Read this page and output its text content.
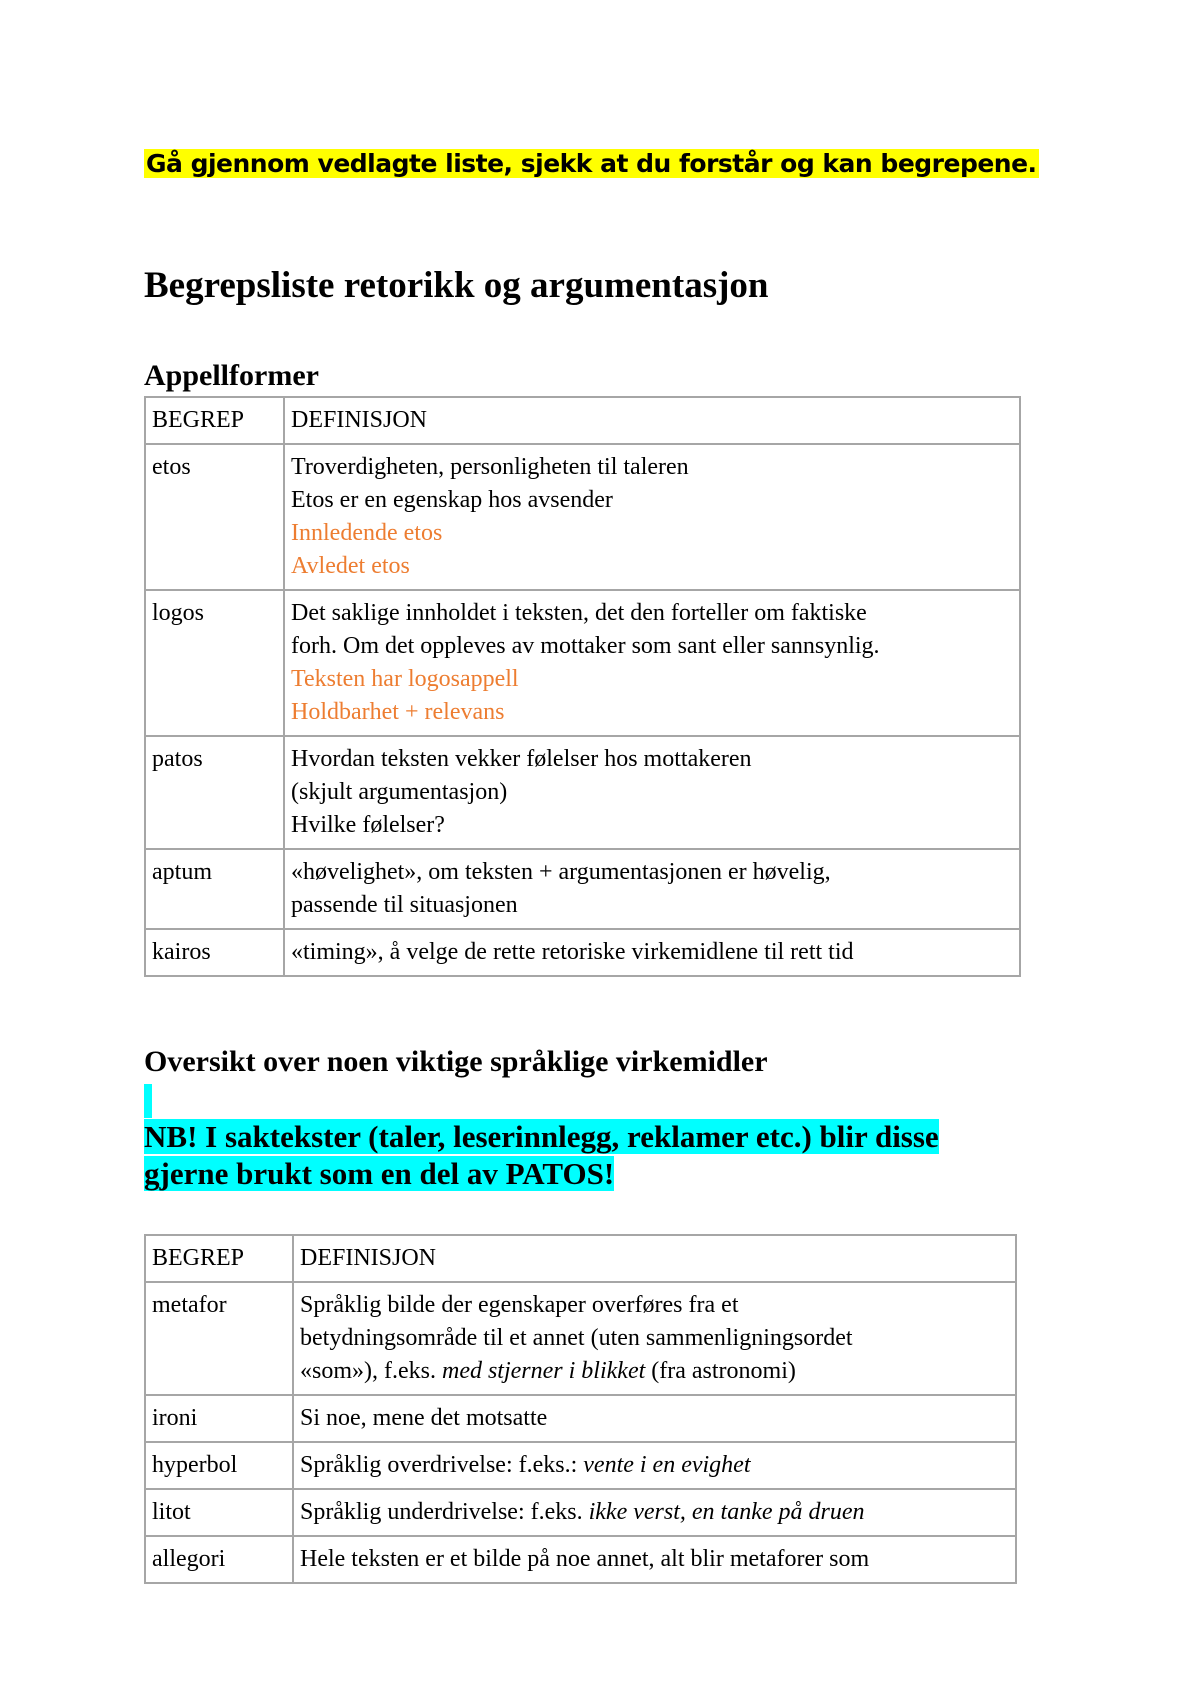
Gå gjennom vedlagte liste, sjekk at du forstår og kan begrepene.
Begrepsliste retorikk og argumentasjon
Appellformer
BEGREP	DEFINISJON
etos	Troverdigheten, personligheten til taleren
Etos er en egenskap hos avsender
Innledende etos
Avledet etos

logos	Det saklige innholdet i teksten, det den forteller om faktiske
forh. Om det oppleves av mottaker som sant eller sannsynlig.
Teksten har logosappell
Holdbarhet + relevans

patos	Hvordan teksten vekker følelser hos mottakeren
(skjult argumentasjon)
Hvilke følelser?

aptum	«høvelighet», om teksten + argumentasjonen er høvelig,
passende til situasjonen

kairos	«timing», å velge de rette retoriske virkemidlene til rett tid
Oversikt over noen viktige språklige virkemidler
NB! I saktekster (taler, leserinnlegg, reklamer etc.) blir disse
gjerne brukt som en del av PATOS!
BEGREP	DEFINISJON
metafor	Språklig bilde der egenskaper overføres fra et
betydningsområde til et annet (uten sammenligningsordet
«som»), f.eks. med stjerner i blikket (fra astronomi)

ironi	Si noe, mene det motsatte
hyperbol	Språklig overdrivelse: f.eks.: vente i en evighet
litot	Språklig underdrivelse: f.eks. ikke verst, en tanke på druen
allegori	Hele teksten er et bilde på noe annet, alt blir metaforer som
